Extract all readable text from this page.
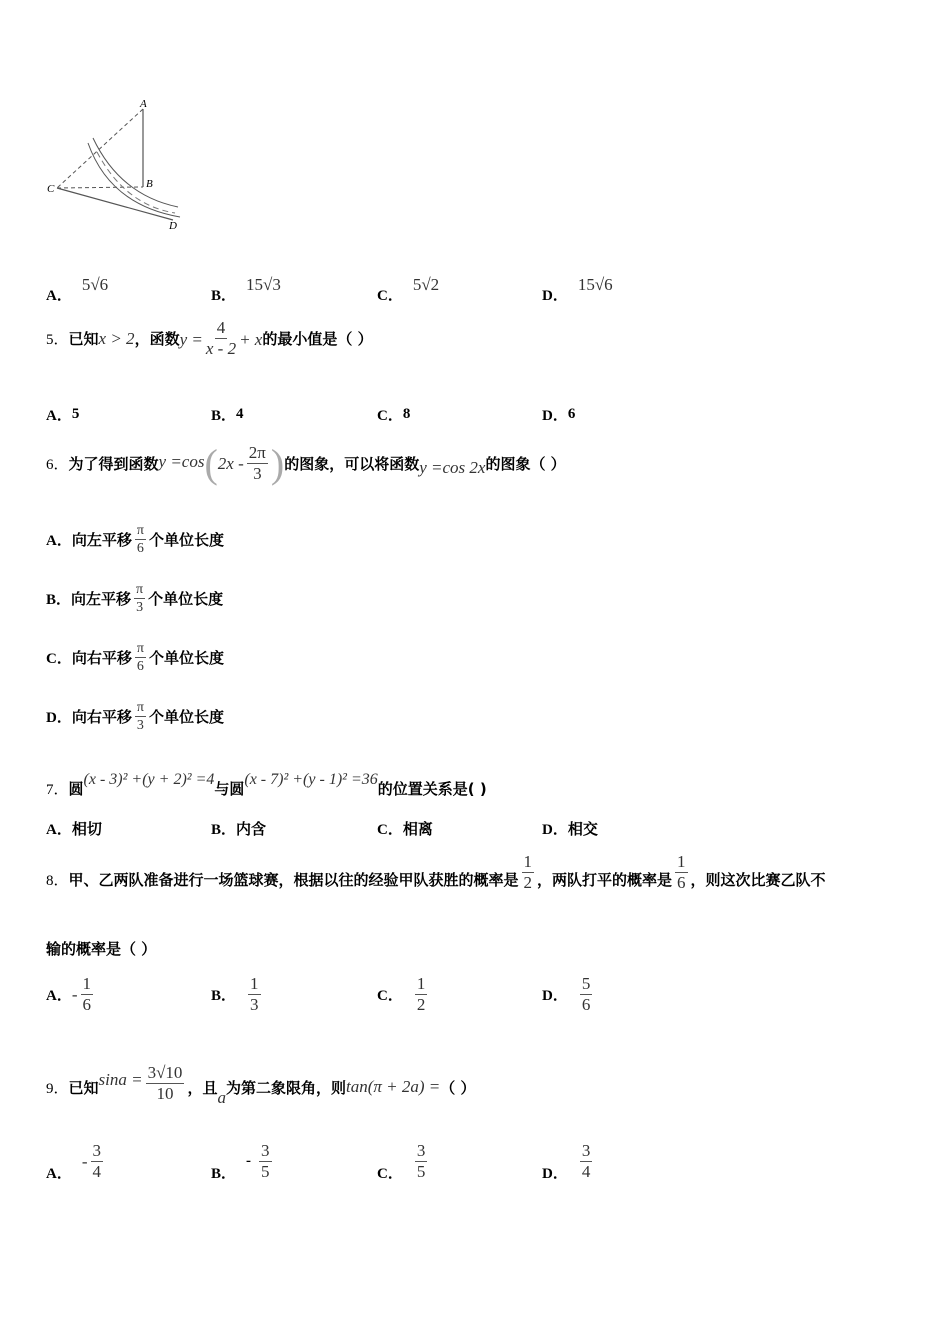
A
B
C
D
A．
5√6
B．
15√3
C．
5√2
D．
15√6
5． 已知 x > 2 ，函数 $y = \frac{4}{x - 2} + x$ 的最小值是（ ）
A． 5	B． 4	C． 8	D． 6
6． 为了得到函数 y =cos ( $2x - \frac{2\pi}{3}$ ) 的图象，可以将函数 y =cos 2x 的图象（ ）
A． 向左平移 $\frac{\pi}{6}$ 个单位长度
B． 向左平移 $\frac{\pi}{3}$ 个单位长度
C． 向右平移 $\frac{\pi}{6}$ 个单位长度
D． 向右平移 $\frac{\pi}{3}$ 个单位长度
7． 圆
(x - 3)² +(y + 2)² =4
与圆
(x - 7)² +(y - 1)² =36
的位置关系是( )
A． 相切	B． 内含	C． 相离	D． 相交
8． 甲、乙两队准备进行一场篮球赛，根据以往的经验甲队获胜的概率是 $\frac{1}{2}$ ，两队打平的概率是 $\frac{1}{6}$ ，则这次比赛乙队不
输的概率是（ ）
A． - $\frac{1}{6}$	B． $\frac{1}{3}$	C． $\frac{1}{2}$	D． $\frac{5}{6}$
9． 已知 $\sin a = \frac{3√10}{10}$ ，且
a
为第二象限角，则 tan(π + 2a) = （ ）
A．
- $\frac{3}{4}$	B．
- $\frac{3}{5}$	C． $\frac{3}{5}$	D． $\frac{3}{4}$
